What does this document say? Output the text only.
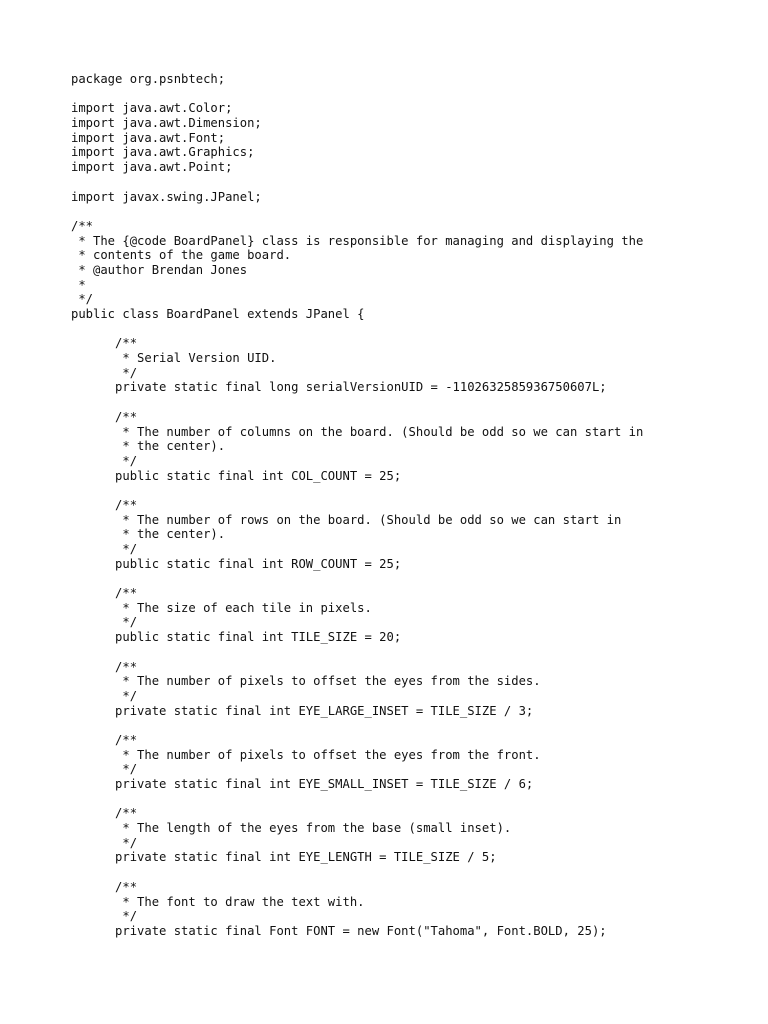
package org.psnbtech;
import java.awt.Color;
import java.awt.Dimension;
import java.awt.Font;
import java.awt.Graphics;
import java.awt.Point;
import javax.swing.JPanel;
/**
* The {@code BoardPanel} class is responsible for managing and displaying the
* contents of the game board.
* @author Brendan Jones
*
*/
public class BoardPanel extends JPanel {
/**
* Serial Version UID.
*/
private static final long serialVersionUID = -1102632585936750607L;
/**
* The number of columns on the board. (Should be odd so we can start in
* the center).
*/
public static final int COL_COUNT = 25;
/**
* The number of rows on the board. (Should be odd so we can start in
* the center).
*/
public static final int ROW_COUNT = 25;
/**
* The size of each tile in pixels.
*/
public static final int TILE_SIZE = 20;
/**
* The number of pixels to offset the eyes from the sides.
*/
private static final int EYE_LARGE_INSET = TILE_SIZE / 3;
/**
* The number of pixels to offset the eyes from the front.
*/
private static final int EYE_SMALL_INSET = TILE_SIZE / 6;
/**
* The length of the eyes from the base (small inset).
*/
private static final int EYE_LENGTH = TILE_SIZE / 5;
/**
* The font to draw the text with.
*/
private static final Font FONT = new Font("Tahoma", Font.BOLD, 25);
